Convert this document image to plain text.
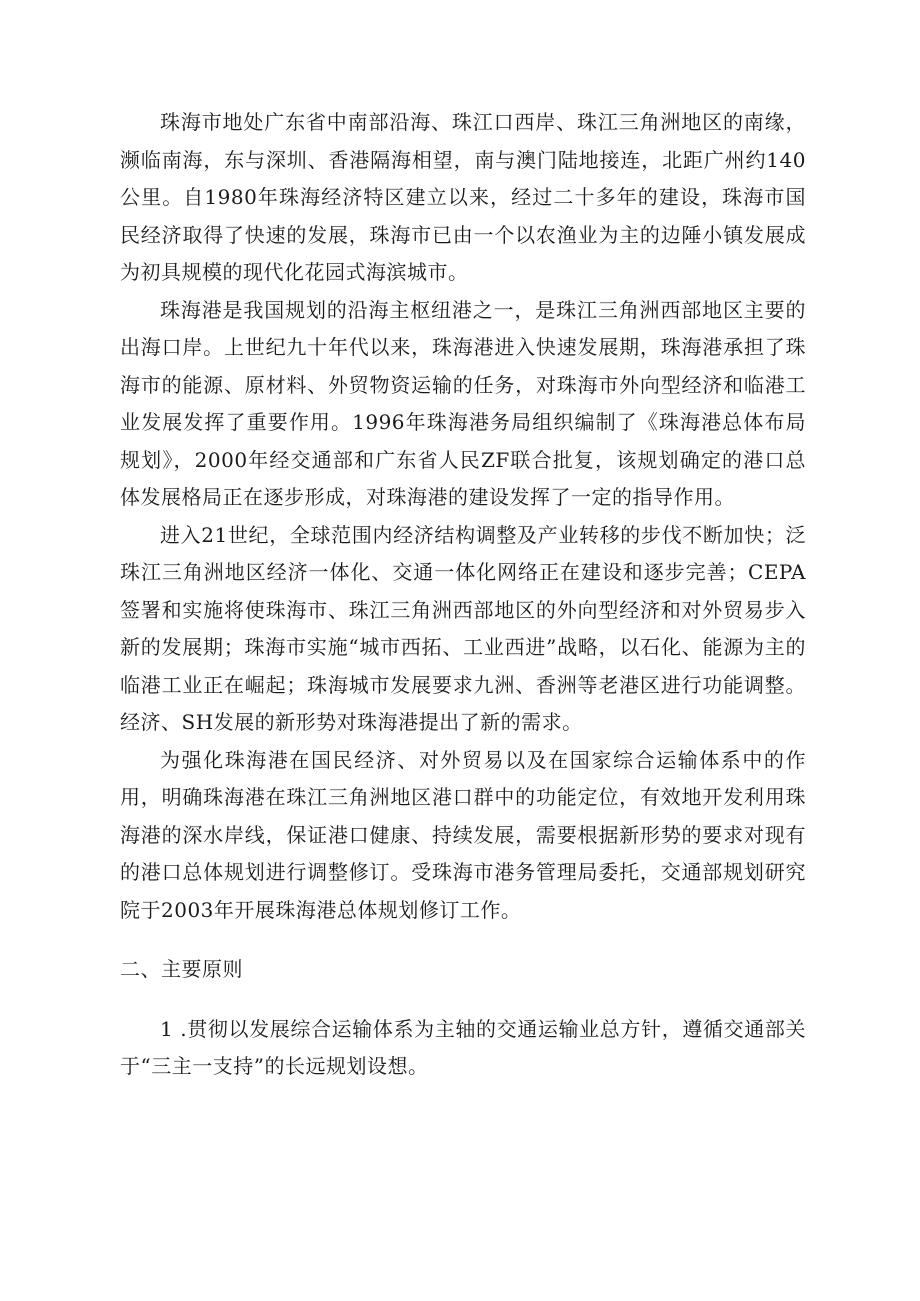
珠海市地处广东省中南部沿海、珠江口西岸、珠江三角洲地区的南缘，濒临南海，东与深圳、香港隔海相望，南与澳门陆地接连，北距广州约140公里。自1980年珠海经济特区建立以来，经过二十多年的建设，珠海市国民经济取得了快速的发展，珠海市已由一个以农渔业为主的边陲小镇发展成为初具规模的现代化花园式海滨城市。

珠海港是我国规划的沿海主枢纽港之一，是珠江三角洲西部地区主要的出海口岸。上世纪九十年代以来，珠海港进入快速发展期，珠海港承担了珠海市的能源、原材料、外贸物资运输的任务，对珠海市外向型经济和临港工业发展发挥了重要作用。1996年珠海港务局组织编制了《珠海港总体布局规划》，2000年经交通部和广东省人民ZF联合批复，该规划确定的港口总体发展格局正在逐步形成，对珠海港的建设发挥了一定的指导作用。

进入21世纪，全球范围内经济结构调整及产业转移的步伐不断加快；泛珠江三角洲地区经济一体化、交通一体化网络正在建设和逐步完善；CEPA签署和实施将使珠海市、珠江三角洲西部地区的外向型经济和对外贸易步入新的发展期；珠海市实施“城市西拓、工业西进”战略，以石化、能源为主的临港工业正在崛起；珠海城市发展要求九洲、香洲等老港区进行功能调整。经济、SH发展的新形势对珠海港提出了新的需求。

为强化珠海港在国民经济、对外贸易以及在国家综合运输体系中的作用，明确珠海港在珠江三角洲地区港口群中的功能定位，有效地开发利用珠海港的深水岸线，保证港口健康、持续发展，需要根据新形势的要求对现有的港口总体规划进行调整修订。受珠海市港务管理局委托，交通部规划研究院于2003年开展珠海港总体规划修订工作。

二、主要原则

1 .贯彻以发展综合运输体系为主轴的交通运输业总方针，遵循交通部关于“三主一支持”的长远规划设想。
